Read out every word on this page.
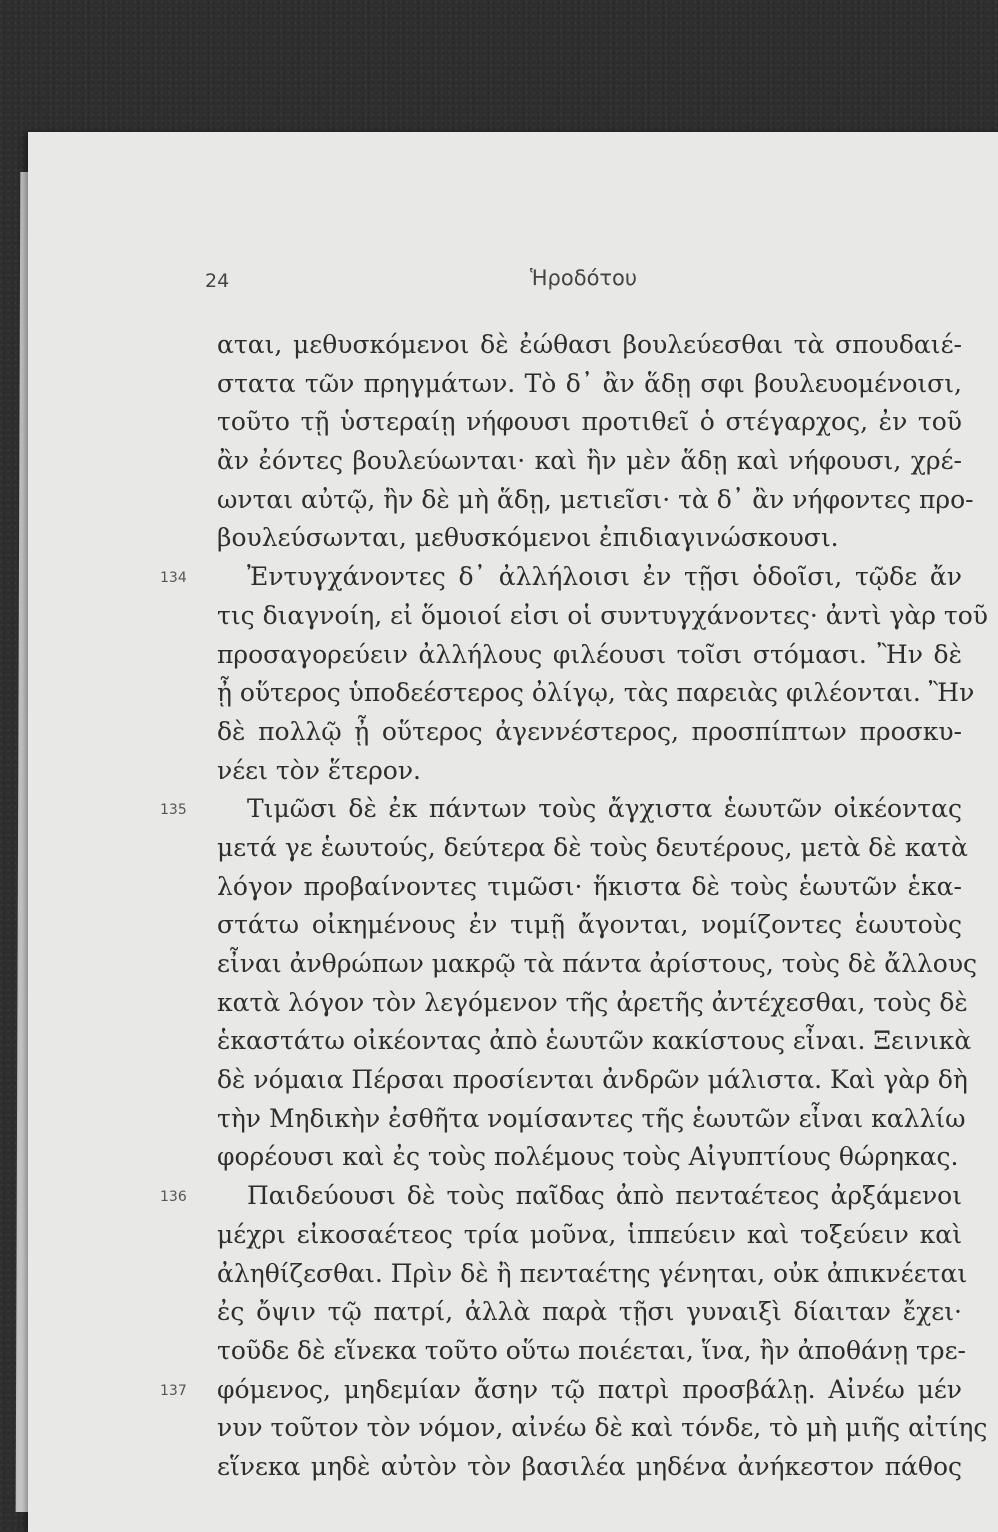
24	Ἡροδότου
αται, μεθυσκόμενοι δὲ ἐώθασι βουλεύεσθαι τὰ σπουδαιέ-
στατα τῶν πρηγμάτων. Τὸ δ᾽ ἂν ἅδῃ σφι βουλευομένοισι,
τοῦτο τῇ ὑστεραίῃ νήφουσι προτιθεῖ ὁ στέγαρχος, ἐν τοῦ
ἂν ἐόντες βουλεύωνται· καὶ ἢν μὲν ἅδῃ καὶ νήφουσι, χρέ-
ωνται αὐτῷ, ἢν δὲ μὴ ἅδῃ, μετιεῖσι· τὰ δ᾽ ἂν νήφοντες προ-
βουλεύσωνται, μεθυσκόμενοι ἐπιδιαγινώσκουσι.
Ἐντυγχάνοντες δ᾽ ἀλλήλοισι ἐν τῇσι ὁδοῖσι, τῷδε ἄν
τις διαγνοίη, εἰ ὅμοιοί εἰσι οἱ συντυγχάνοντες· ἀντὶ γὰρ τοῦ
προσαγορεύειν ἀλλήλους φιλέουσι τοῖσι στόμασι. Ἢν δὲ
ᾖ οὕτερος ὑποδεέστερος ὀλίγῳ, τὰς παρειὰς φιλέονται. Ἢν
δὲ πολλῷ ᾖ οὕτερος ἀγεννέστερος, προσπίπτων προσκυ-
νέει τὸν ἕτερον.
Τιμῶσι δὲ ἐκ πάντων τοὺς ἄγχιστα ἑωυτῶν οἰκέοντας
μετά γε ἑωυτούς, δεύτερα δὲ τοὺς δευτέρους, μετὰ δὲ κατὰ
λόγον προβαίνοντες τιμῶσι· ἥκιστα δὲ τοὺς ἑωυτῶν ἑκα-
στάτω οἰκημένους ἐν τιμῇ ἄγονται, νομίζοντες ἑωυτοὺς
εἶναι ἀνθρώπων μακρῷ τὰ πάντα ἀρίστους, τοὺς δὲ ἄλλους
κατὰ λόγον τὸν λεγόμενον τῆς ἀρετῆς ἀντέχεσθαι, τοὺς δὲ
ἑκαστάτω οἰκέοντας ἀπὸ ἑωυτῶν κακίστους εἶναι. Ξεινικὰ
δὲ νόμαια Πέρσαι προσίενται ἀνδρῶν μάλιστα. Καὶ γὰρ δὴ
τὴν Μηδικὴν ἐσθῆτα νομίσαντες τῆς ἑωυτῶν εἶναι καλλίω
φορέουσι καὶ ἐς τοὺς πολέμους τοὺς Αἰγυπτίους θώρηκας.
Παιδεύουσι δὲ τοὺς παῖδας ἀπὸ πενταέτεος ἀρξάμενοι
μέχρι εἰκοσαέτεος τρία μοῦνα, ἱππεύειν καὶ τοξεύειν καὶ
ἀληθίζεσθαι. Πρὶν δὲ ἢ πενταέτης γένηται, οὐκ ἀπικνέεται
ἐς ὄψιν τῷ πατρί, ἀλλὰ παρὰ τῇσι γυναιξὶ δίαιταν ἔχει·
τοῦδε δὲ εἵνεκα τοῦτο οὕτω ποιέεται, ἵνα, ἢν ἀποθάνῃ τρε-
φόμενος, μηδεμίαν ἄσην τῷ πατρὶ προσβάλῃ. Αἰνέω μέν
νυν τοῦτον τὸν νόμον, αἰνέω δὲ καὶ τόνδε, τὸ μὴ μιῆς αἰτίης
εἵνεκα μηδὲ αὐτὸν τὸν βασιλέα μηδένα ἀνήκεστον πάθος
134
135
136
137
